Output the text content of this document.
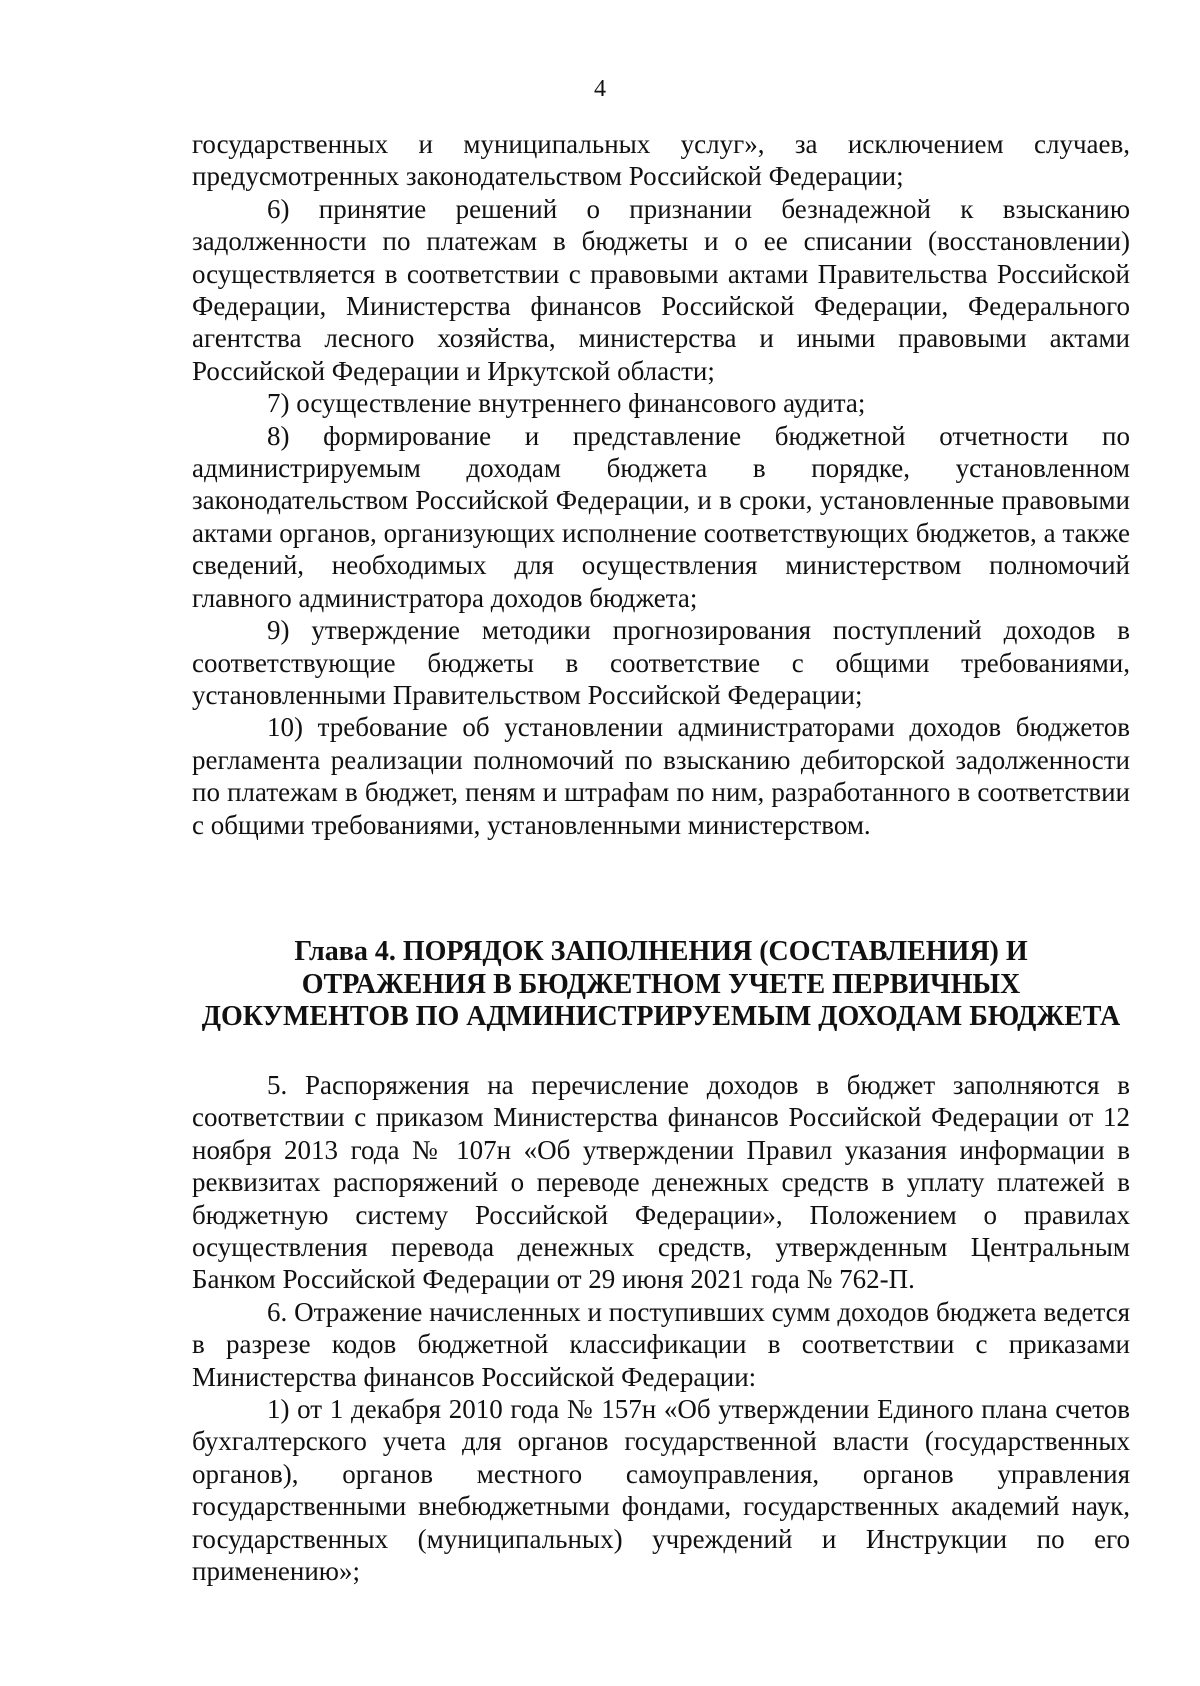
4

государственных и муниципальных услуг», за исключением случаев, предусмотренных законодательством Российской Федерации;

6) принятие решений о признании безнадежной к взысканию задолженности по платежам в бюджеты и о ее списании (восстановлении) осуществляется в соответствии с правовыми актами Правительства Российской Федерации, Министерства финансов Российской Федерации, Федерального агентства лесного хозяйства, министерства и иными правовыми актами Российской Федерации и Иркутской области;

7) осуществление внутреннего финансового аудита;

8) формирование и представление бюджетной отчетности по администрируемым доходам бюджета в порядке, установленном законодательством Российской Федерации, и в сроки, установленные правовыми актами органов, организующих исполнение соответствующих бюджетов, а также сведений, необходимых для осуществления министерством полномочий главного администратора доходов бюджета;

9) утверждение методики прогнозирования поступлений доходов в соответствующие бюджеты в соответствие с общими требованиями, установленными Правительством Российской Федерации;

10) требование об установлении администраторами доходов бюджетов регламента реализации полномочий по взысканию дебиторской задолженности по платежам в бюджет, пеням и штрафам по ним, разработанного в соответствии с общими требованиями, установленными министерством.

Глава 4. ПОРЯДОК ЗАПОЛНЕНИЯ (СОСТАВЛЕНИЯ) И
ОТРАЖЕНИЯ В БЮДЖЕТНОМ УЧЕТЕ ПЕРВИЧНЫХ
ДОКУМЕНТОВ ПО АДМИНИСТРИРУЕМЫМ ДОХОДАМ БЮДЖЕТА

5. Распоряжения на перечисление доходов в бюджет заполняются в соответствии с приказом Министерства финансов Российской Федерации от 12 ноября 2013 года № 107н «Об утверждении Правил указания информации в реквизитах распоряжений о переводе денежных средств в уплату платежей в бюджетную систему Российской Федерации», Положением о правилах осуществления перевода денежных средств, утвержденным Центральным Банком Российской Федерации от 29 июня 2021 года № 762-П.

6. Отражение начисленных и поступивших сумм доходов бюджета ведется в разрезе кодов бюджетной классификации в соответствии с приказами Министерства финансов Российской Федерации:

1) от 1 декабря 2010 года № 157н «Об утверждении Единого плана счетов бухгалтерского учета для органов государственной власти (государственных органов), органов местного самоуправления, органов управления государственными внебюджетными фондами, государственных академий наук, государственных (муниципальных) учреждений и Инструкции по его применению»;
